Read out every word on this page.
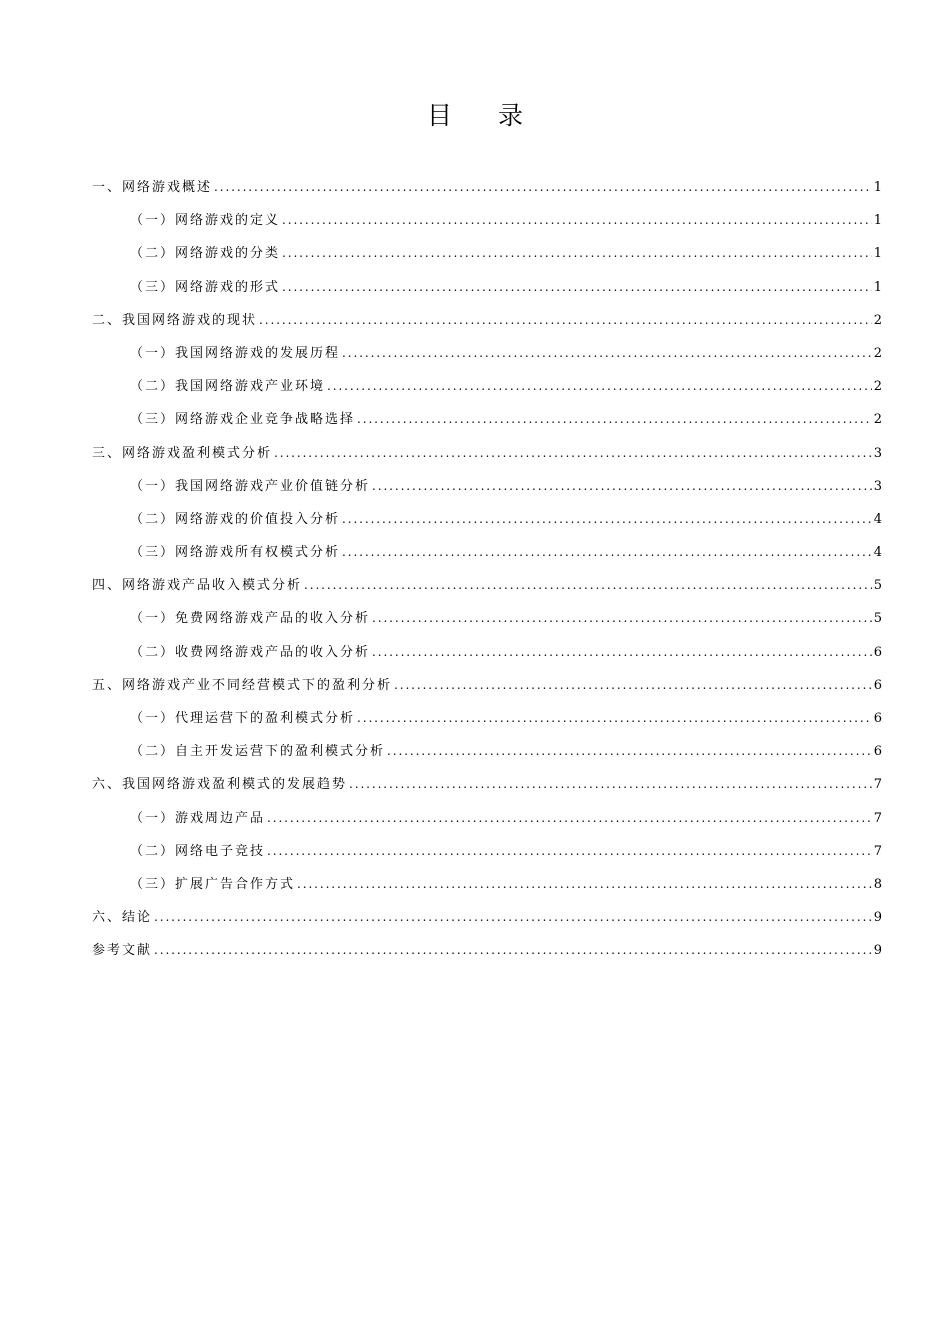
目 录
一、网络游戏概述 .....	1
（一）网络游戏的定义 .....	1
（二）网络游戏的分类 .....	1
（三）网络游戏的形式 .....	1
二、我国网络游戏的现状 .....	2
（一）我国网络游戏的发展历程 .....	2
（二）我国网络游戏产业环境 .....	2
（三）网络游戏企业竞争战略选择 .....	2
三、网络游戏盈利模式分析 .....	3
（一）我国网络游戏产业价值链分析 .....	3
（二）网络游戏的价值投入分析 .....	4
（三）网络游戏所有权模式分析 .....	4
四、网络游戏产品收入模式分析 .....	5
（一）免费网络游戏产品的收入分析 .....	5
（二）收费网络游戏产品的收入分析 .....	6
五、网络游戏产业不同经营模式下的盈利分析 .....	6
（一）代理运营下的盈利模式分析 .....	6
（二）自主开发运营下的盈利模式分析 .....	6
六、我国网络游戏盈利模式的发展趋势 .....	7
（一）游戏周边产品 .....	7
（二）网络电子竞技 .....	7
（三）扩展广告合作方式 .....	8
六、结论 .....	9
参考文献 .....	9
